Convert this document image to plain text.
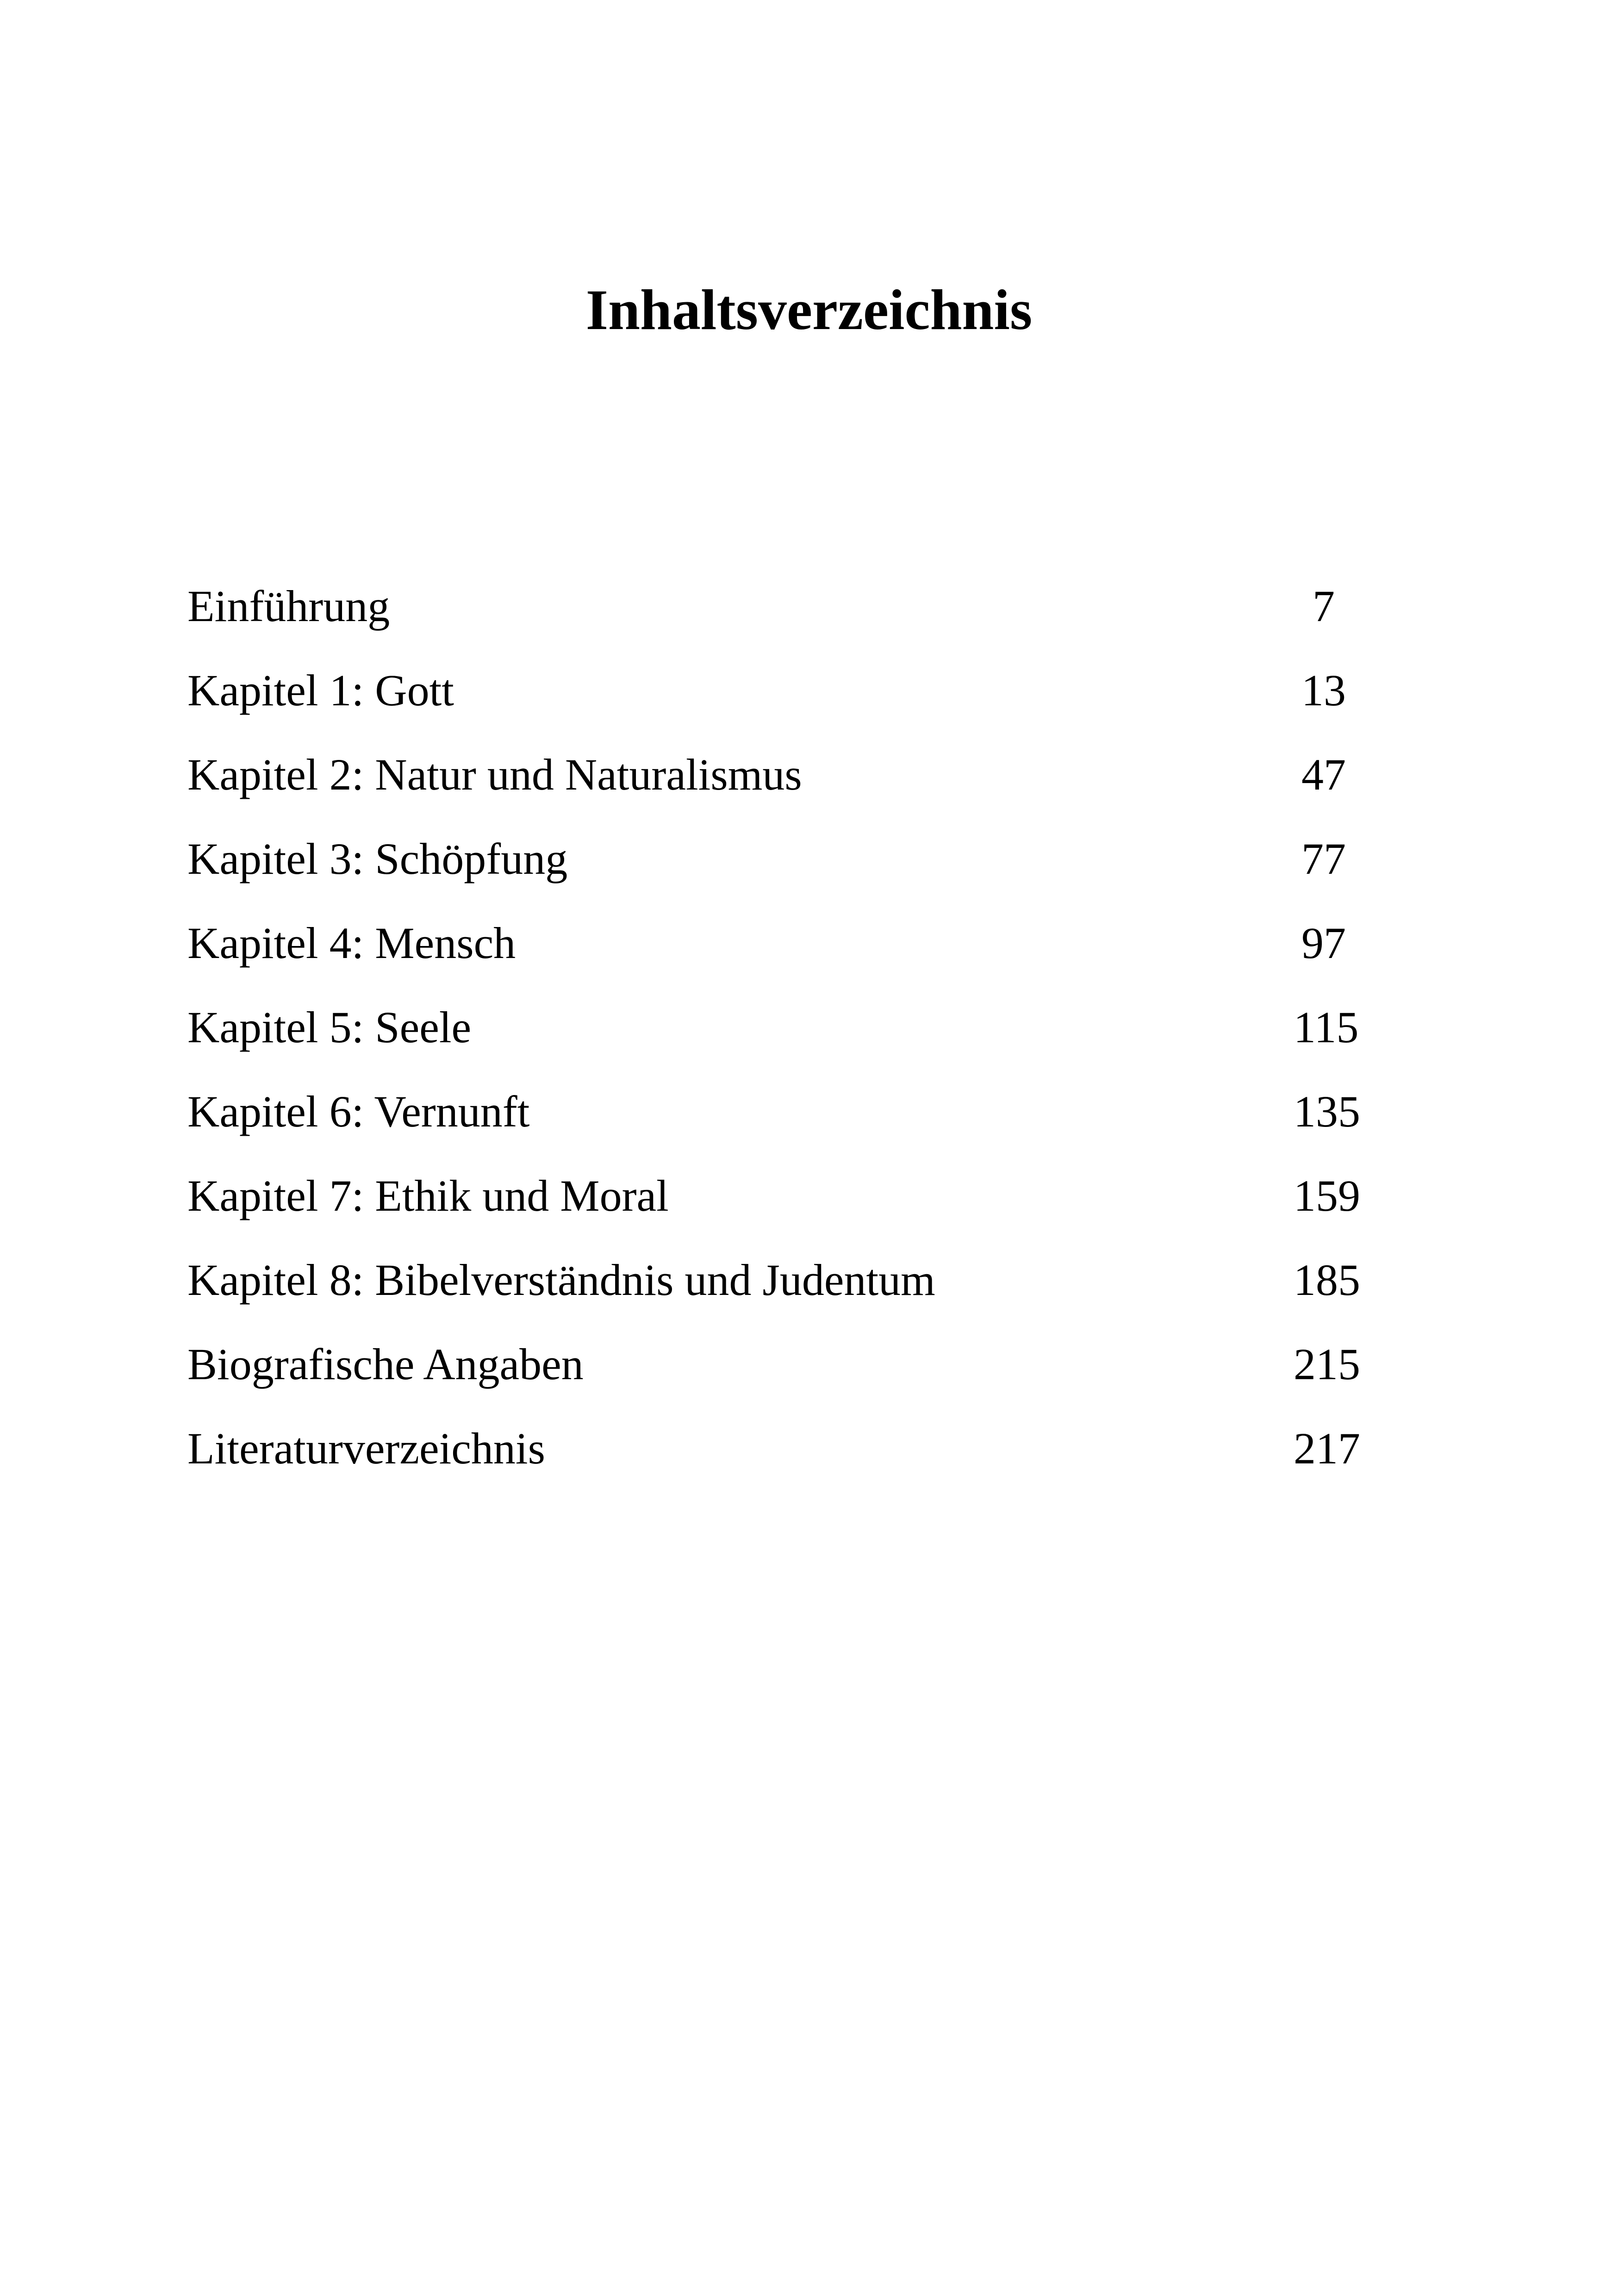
Inhaltsverzeichnis
Einführung	7
Kapitel 1: Gott	13
Kapitel 2: Natur und Naturalismus	47
Kapitel 3: Schöpfung	77
Kapitel 4: Mensch	97
Kapitel 5: Seele	115
Kapitel 6: Vernunft	135
Kapitel 7: Ethik und Moral	159
Kapitel 8: Bibelverständnis und Judentum	185
Biografische Angaben	215
Literaturverzeichnis	217
